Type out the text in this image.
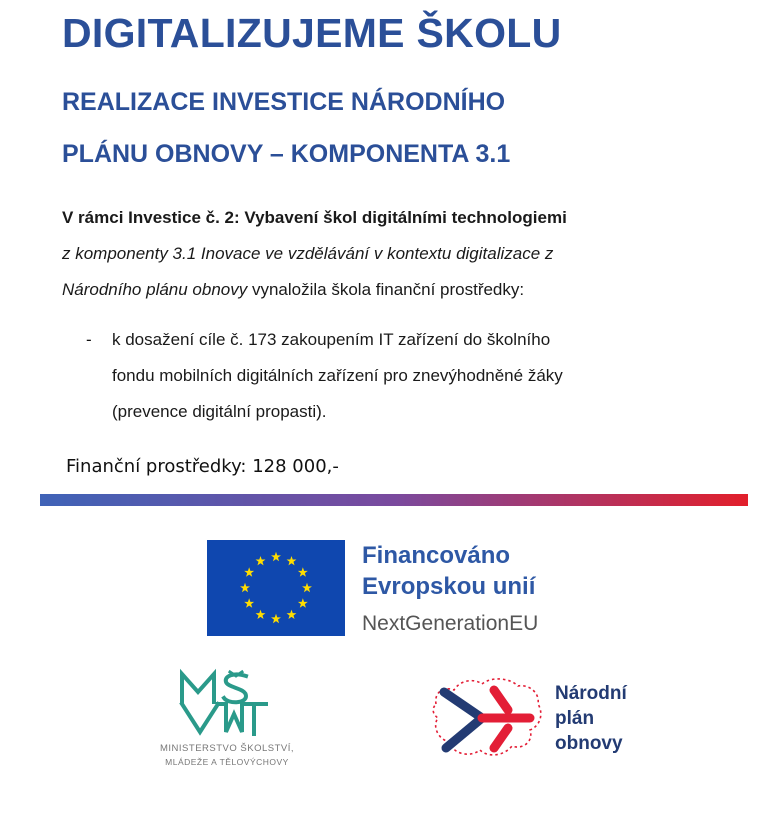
DIGITALIZUJEME ŠKOLU
REALIZACE INVESTICE NÁRODNÍHO
PLÁNU OBNOVY – KOMPONENTA 3.1
V rámci Investice č. 2: Vybavení škol digitálními technologiemi
z komponenty 3.1 Inovace ve vzdělávání v kontextu digitalizace z
Národního plánu obnovy vynaložila škola finanční prostředky:
- k dosažení cíle č. 173 zakoupením IT zařízení do školního
fondu mobilních digitálních zařízení pro znevýhodněné žáky
(prevence digitální propasti).
Finanční prostředky: 128 000,-
Financováno
Evropskou unií
NextGenerationEU
MINISTERSTVO ŠKOLSTVÍ,
MLÁDEŽE A TĚLOVÝCHOVY
Národní
plán
obnovy
